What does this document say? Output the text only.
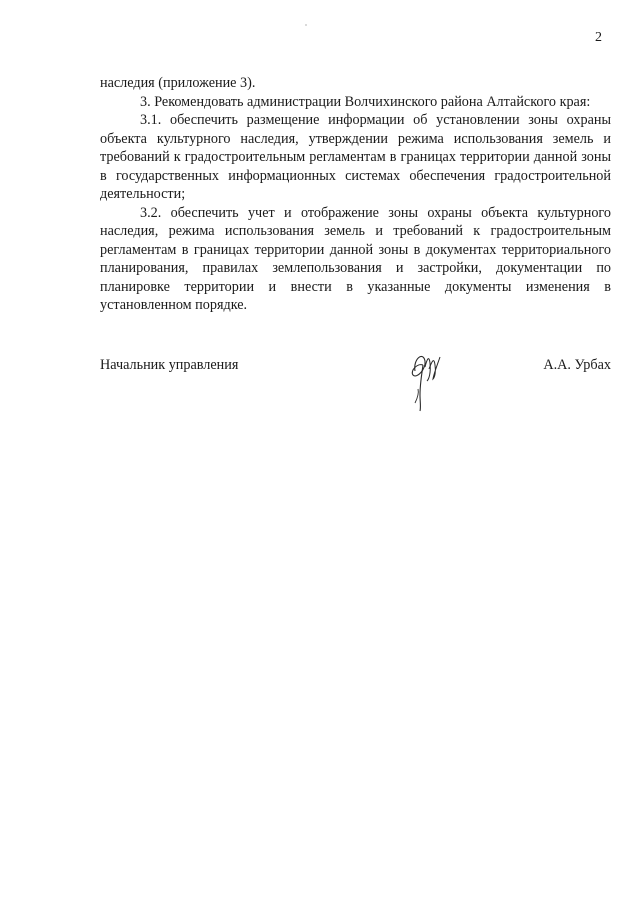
2

наследия (приложение 3).

3. Рекомендовать администрации Волчихинского района Алтайского края:

3.1. обеспечить размещение информации об установлении зоны охраны объекта культурного наследия, утверждении режима использования земель и требований к градостроительным регламентам в границах территории данной зоны в государственных информационных системах обеспечения градостроительной деятельности;

3.2. обеспечить учет и отображение зоны охраны объекта культурного наследия, режима использования земель и требований к градостроительным регламентам в границах территории данной зоны в документах территориального планирования, правилах землепользования и застройки, документации по планировке территории и внести в указанные документы изменения в установленном порядке.

Начальник управления	А.А. Урбах
